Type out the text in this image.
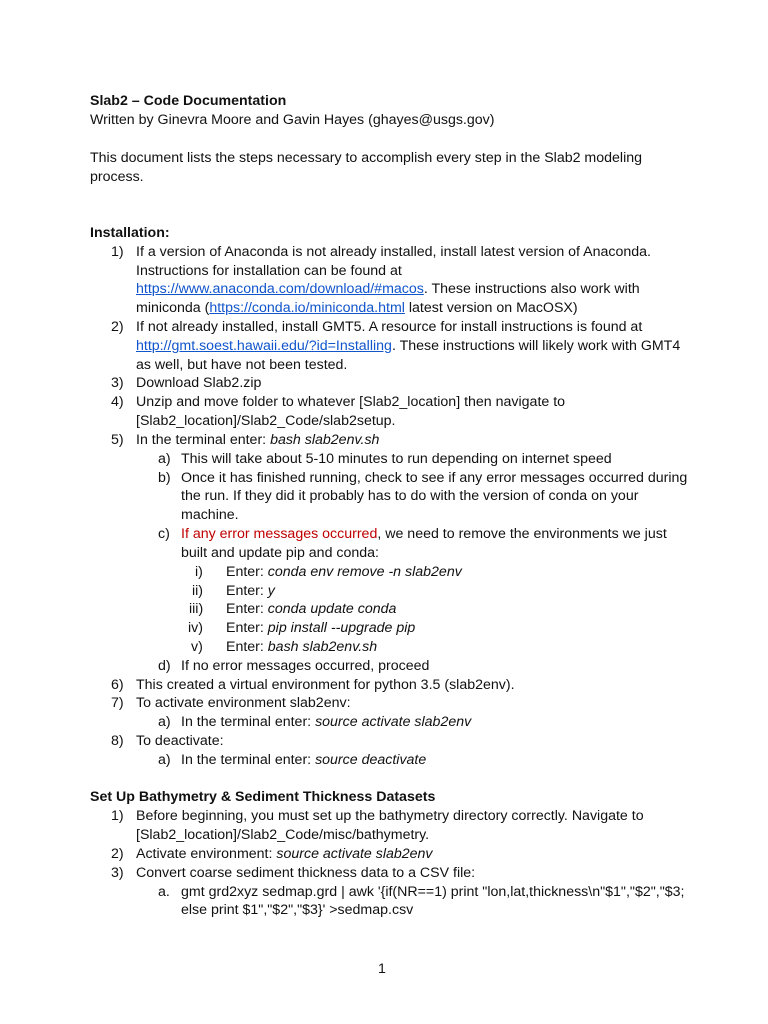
Slab2 – Code Documentation
Written by Ginevra Moore and Gavin Hayes (ghayes@usgs.gov)
This document lists the steps necessary to accomplish every step in the Slab2 modeling
process.
Installation:
1) If a version of Anaconda is not already installed, install latest version of Anaconda.
Instructions for installation can be found at
https://www.anaconda.com/download/#macos. These instructions also work with
miniconda (https://conda.io/miniconda.html latest version on MacOSX)
2) If not already installed, install GMT5. A resource for install instructions is found at
http://gmt.soest.hawaii.edu/?id=Installing. These instructions will likely work with GMT4
as well, but have not been tested.
3) Download Slab2.zip
4) Unzip and move folder to whatever [Slab2_location] then navigate to
[Slab2_location]/Slab2_Code/slab2setup.
5) In the terminal enter: bash slab2env.sh
a) This will take about 5-10 minutes to run depending on internet speed
b) Once it has finished running, check to see if any error messages occurred during
the run. If they did it probably has to do with the version of conda on your
machine.
c) If any error messages occurred, we need to remove the environments we just
built and update pip and conda:
i) Enter: conda env remove -n slab2env
ii) Enter: y
iii) Enter: conda update conda
iv) Enter: pip install --upgrade pip
v) Enter: bash slab2env.sh
d) If no error messages occurred, proceed
6) This created a virtual environment for python 3.5 (slab2env).
7) To activate environment slab2env:
a) In the terminal enter: source activate slab2env
8) To deactivate:
a) In the terminal enter: source deactivate
Set Up Bathymetry & Sediment Thickness Datasets
1) Before beginning, you must set up the bathymetry directory correctly. Navigate to
[Slab2_location]/Slab2_Code/misc/bathymetry.
2) Activate environment: source activate slab2env
3) Convert coarse sediment thickness data to a CSV file:
a. gmt grd2xyz sedmap.grd | awk '{if(NR==1) print "lon,lat,thickness\n"$1","$2","$3;
else print $1","$2","$3}' >sedmap.csv
1
